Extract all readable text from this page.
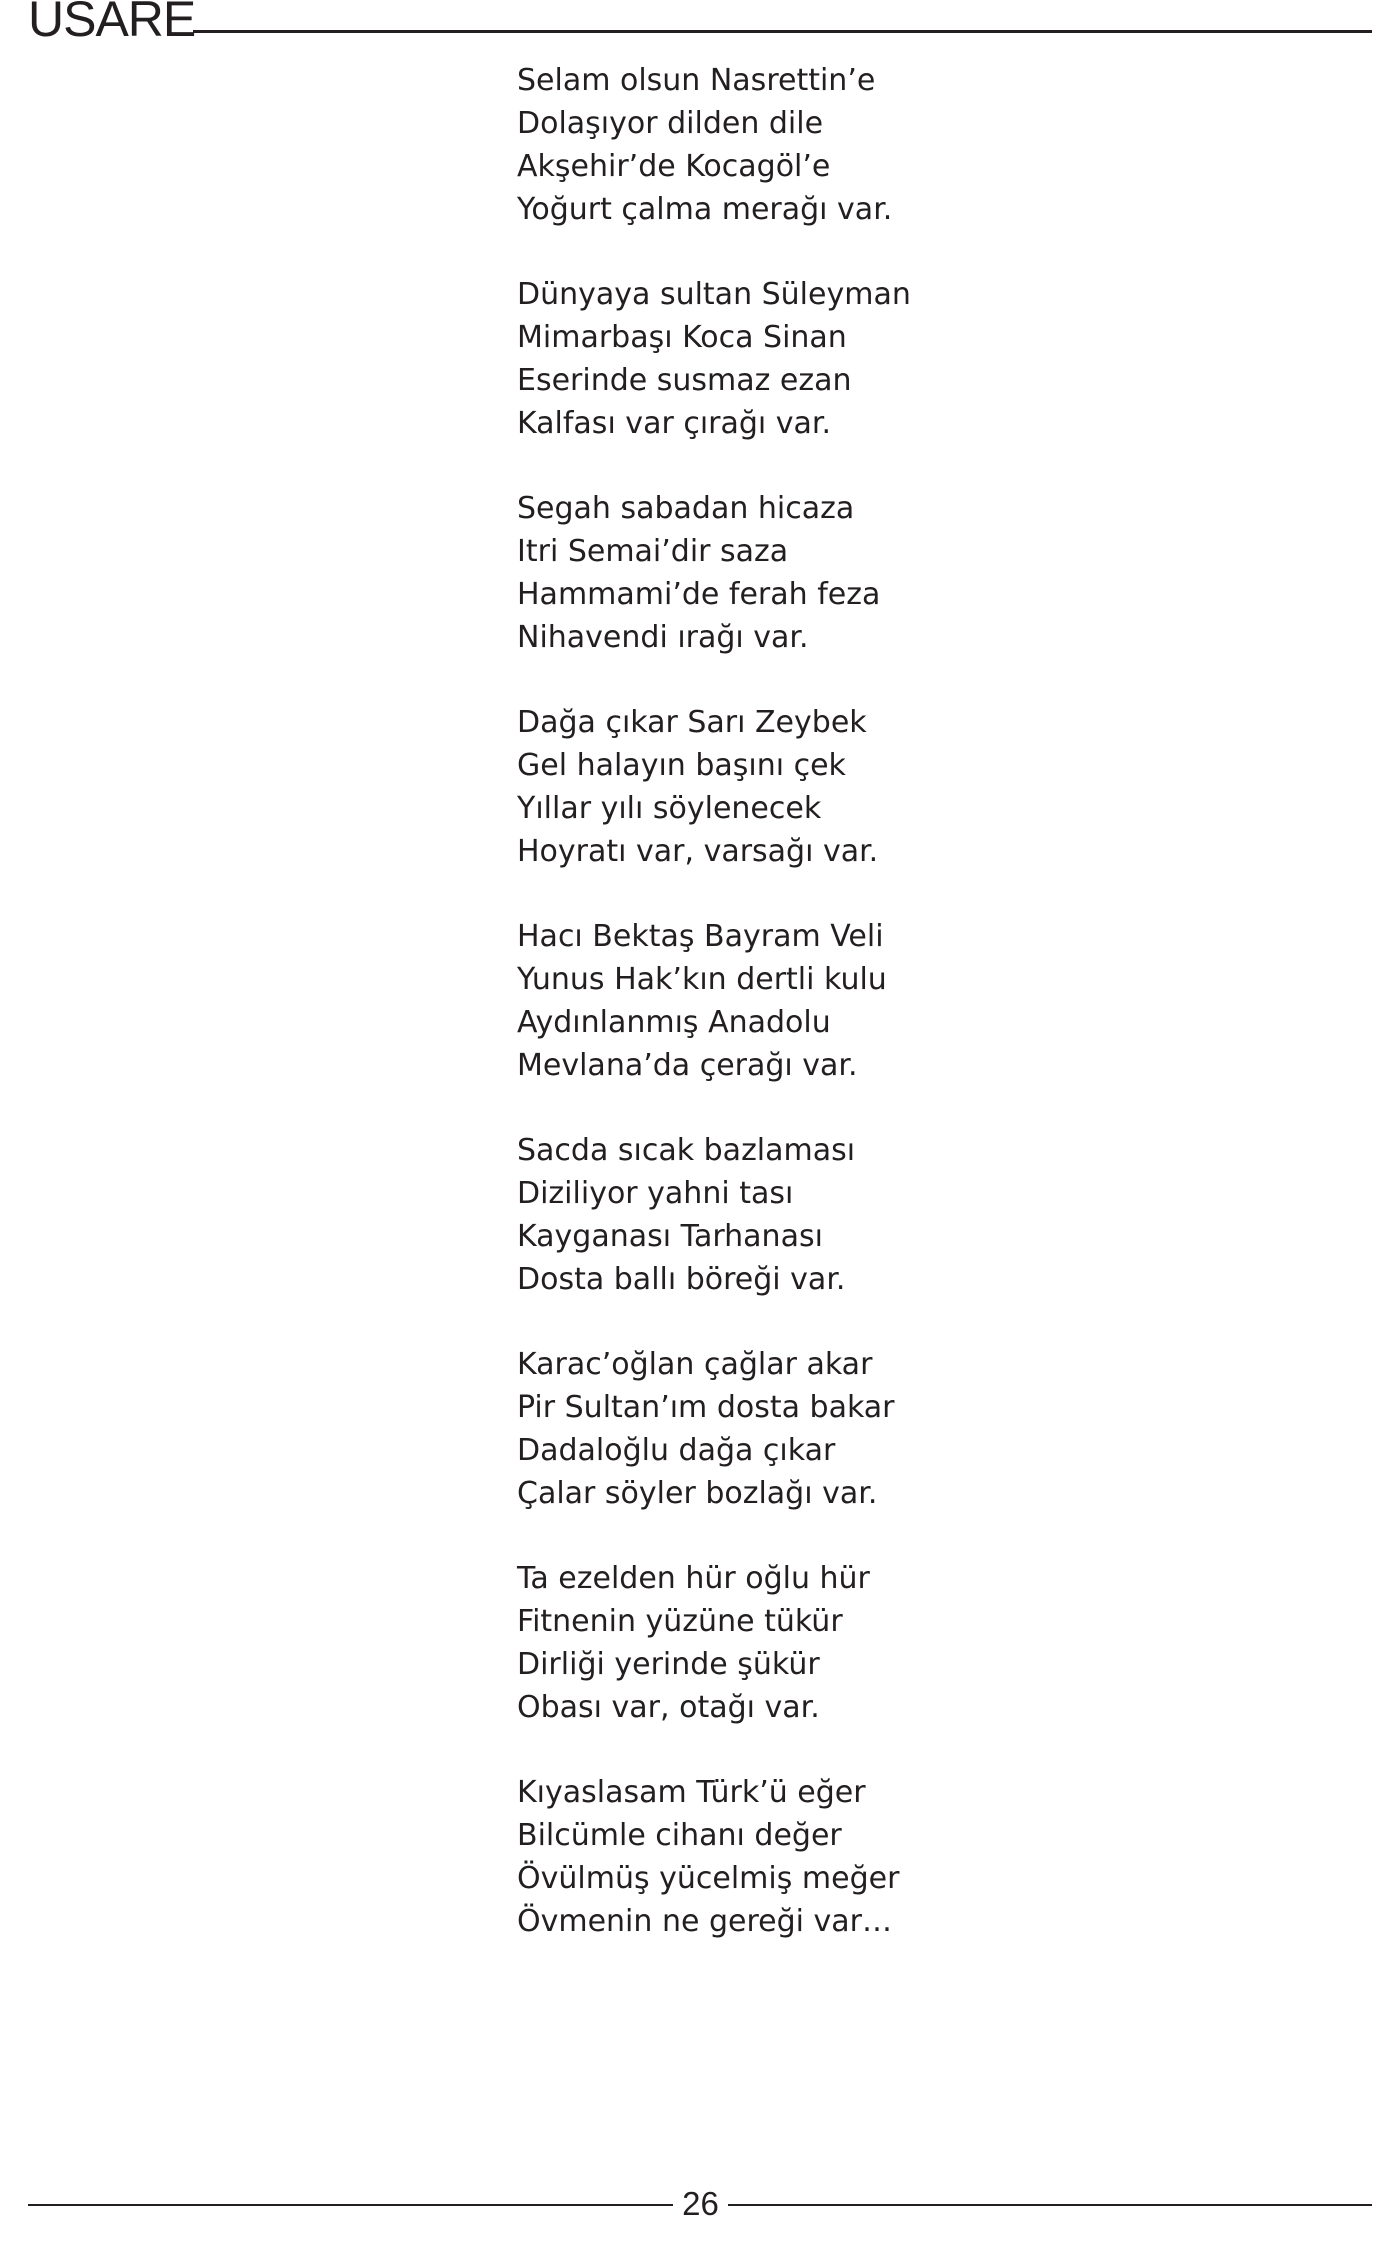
USARE
Selam olsun Nasrettin’e
Dolaşıyor dilden dile
Akşehir’de Kocagöl’e
Yoğurt çalma merağı var.
Dünyaya sultan Süleyman
Mimarbaşı Koca Sinan
Eserinde susmaz ezan
Kalfası var çırağı var.
Segah sabadan hicaza
Itri Semai’dir saza
Hammami’de ferah feza
Nihavendi ırağı var.
Dağa çıkar Sarı Zeybek
Gel halayın başını çek
Yıllar yılı söylenecek
Hoyratı var, varsağı var.
Hacı Bektaş Bayram Veli
Yunus Hak’kın dertli kulu
Aydınlanmış Anadolu
Mevlana’da çerağı var.
Sacda sıcak bazlaması
Diziliyor yahni tası
Kayganası Tarhanası
Dosta ballı böreği var.
Karac’oğlan çağlar akar
Pir Sultan’ım dosta bakar
Dadaloğlu dağa çıkar
Çalar söyler bozlağı var.
Ta ezelden hür oğlu hür
Fitnenin yüzüne tükür
Dirliği yerinde şükür
Obası var, otağı var.
Kıyaslasam Türk’ü eğer
Bilcümle cihanı değer
Övülmüş yücelmiş meğer
Övmenin ne gereği var…
26
